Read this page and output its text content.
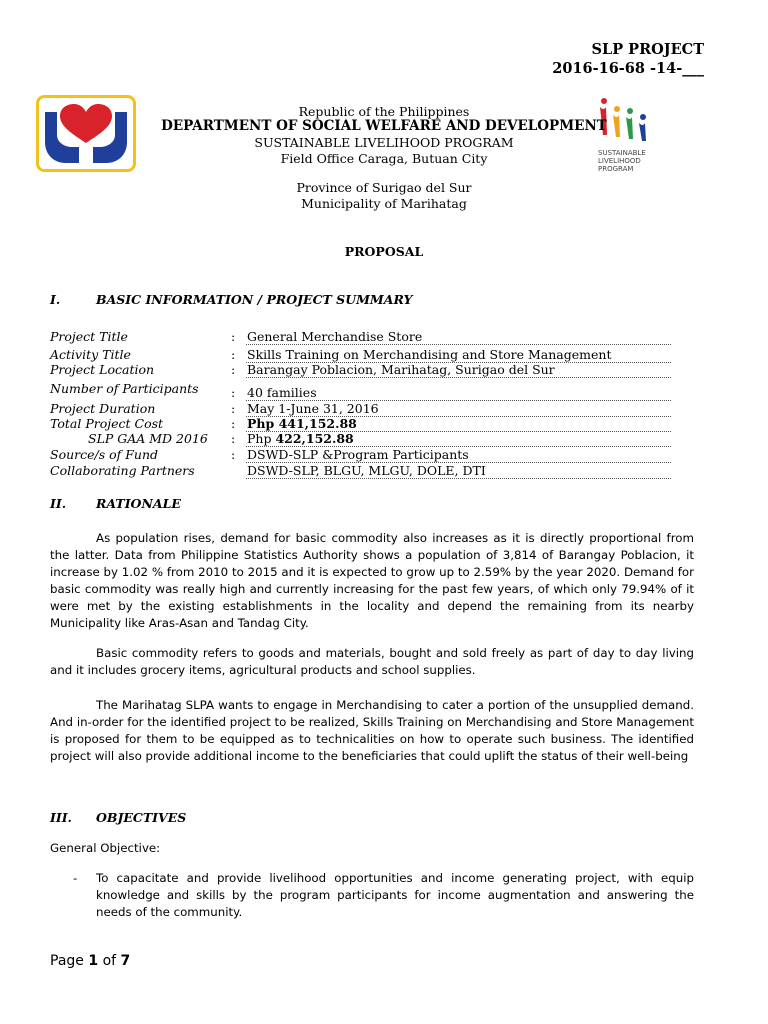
SLP PROJECT
2016-16-68 -14-___
SUSTAINABLE
LIVELIHOOD
PROGRAM
Republic of the Philippines
DEPARTMENT OF SOCIAL WELFARE AND DEVELOPMENT
SUSTAINABLE LIVELIHOOD PROGRAM
Field Office Caraga, Butuan City
Province of Surigao del Sur
Municipality of Marihatag
PROPOSAL
I.	BASIC INFORMATION / PROJECT SUMMARY
Project Title	: General Merchandise Store
Activity Title	: Skills Training on Merchandising and Store Management
Project Location	: Barangay Poblacion, Marihatag, Surigao del Sur
Number of Participants	: 40 families
Project Duration	: May 1-June 31, 2016
Total Project Cost	: Php 441,152.88
SLP GAA MD 2016 : Php 422,152.88
Source/s of Fund	: DSWD-SLP &Program Participants
Collaborating Partners	DSWD-SLP, BLGU, MLGU, DOLE, DTI
II. RATIONALE
As population rises, demand for basic commodity also increases as it is directly proportional from the latter. Data from Philippine Statistics Authority shows a population of 3,814 of Barangay Poblacion, it increase by 1.02 % from 2010 to 2015 and it is expected to grow up to 2.59% by the year 2020. Demand for basic commodity was really high and currently increasing for the past few years, of which only 79.94% of it were met by the existing establishments in the locality and depend the remaining from its nearby Municipality like Aras-Asan and Tandag City.
Basic commodity refers to goods and materials, bought and sold freely as part of day to day living and it includes grocery items, agricultural products and school supplies.
The Marihatag SLPA wants to engage in Merchandising to cater a portion of the unsupplied demand. And in-order for the identified project to be realized, Skills Training on Merchandising and Store Management is proposed for them to be equipped as to technicalities on how to operate such business. The identified project will also provide additional income to the beneficiaries that could uplift the status of their well-being
III. OBJECTIVES
General Objective:
- To capacitate and provide livelihood opportunities and income generating project, with equip knowledge and skills by the program participants for income augmentation and answering the needs of the community.
Page 1 of 7
